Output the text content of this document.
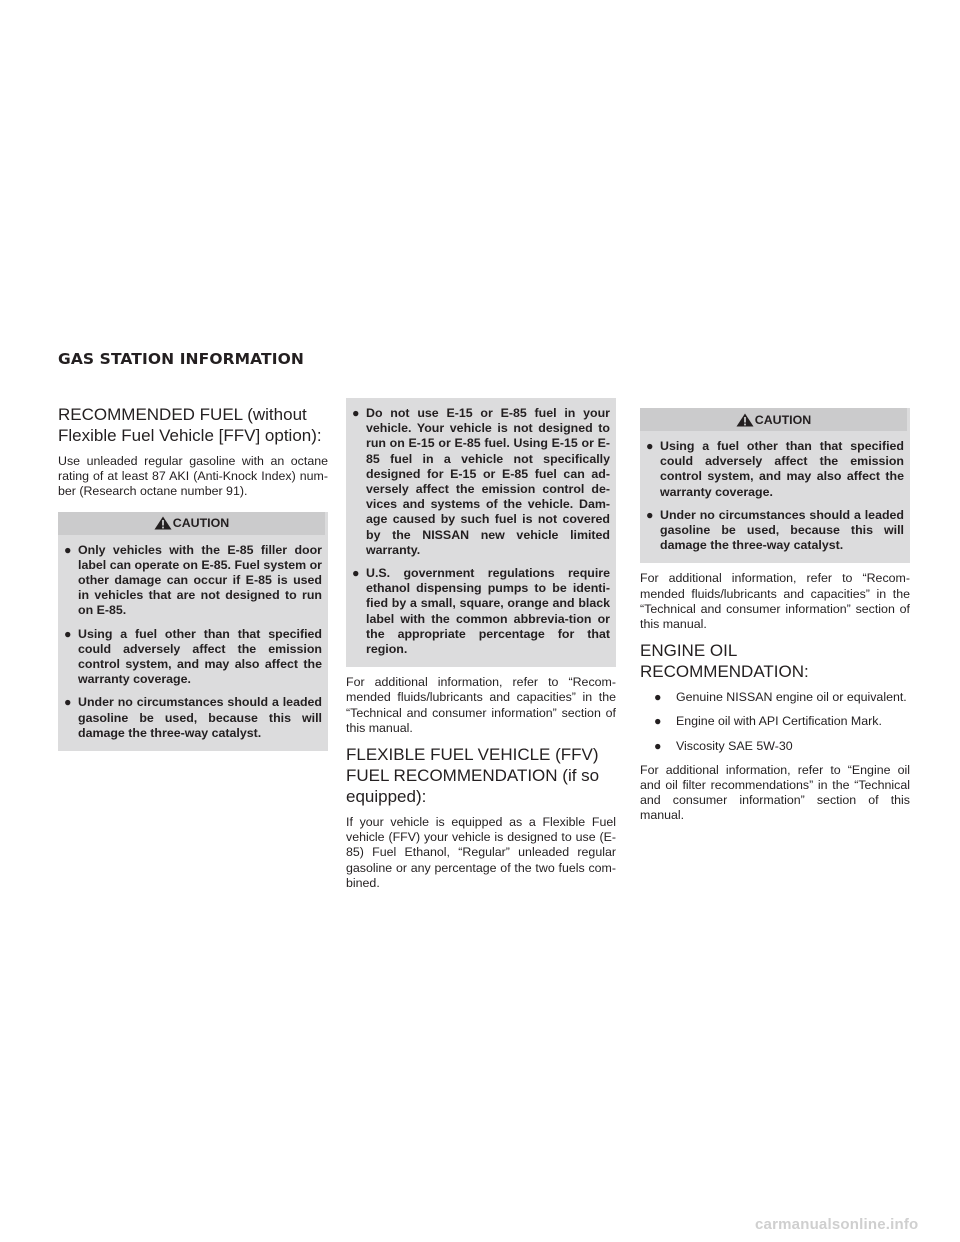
GAS STATION INFORMATION
RECOMMENDED FUEL (without Flexible Fuel Vehicle [FFV] option):

Use unleaded regular gasoline with an octane rating of at least 87 AKI (Anti-Knock Index) num-ber (Research octane number 91).

CAUTION
● Only vehicles with the E-85 filler door label can operate on E-85. Fuel system or other damage can occur if E-85 is used in vehicles that are not designed to run on E-85.
● Using a fuel other than that specified could adversely affect the emission control system, and may also affect the warranty coverage.
● Under no circumstances should a leaded gasoline be used, because this will damage the three-way catalyst.
● Do not use E-15 or E-85 fuel in your vehicle. Your vehicle is not designed to run on E-15 or E-85 fuel. Using E-15 or E-85 fuel in a vehicle not specifically designed for E-15 or E-85 fuel can ad-versely affect the emission control de-vices and systems of the vehicle. Dam-age caused by such fuel is not covered by the NISSAN new vehicle limited warranty.
● U.S. government regulations require ethanol dispensing pumps to be identi-fied by a small, square, orange and black label with the common abbrevia-tion or the appropriate percentage for that region.

For additional information, refer to “Recom-mended fluids/lubricants and capacities” in the “Technical and consumer information” section of this manual.

FLEXIBLE FUEL VEHICLE (FFV) FUEL RECOMMENDATION (if so equipped):

If your vehicle is equipped as a Flexible Fuel vehicle (FFV) your vehicle is designed to use (E-85) Fuel Ethanol, “Regular” unleaded regular gasoline or any percentage of the two fuels com-bined.

CAUTION
● Using a fuel other than that specified could adversely affect the emission control system, and may also affect the warranty coverage.
● Under no circumstances should a leaded gasoline be used, because this will damage the three-way catalyst.

For additional information, refer to “Recom-mended fluids/lubricants and capacities” in the “Technical and consumer information” section of this manual.

ENGINE OIL RECOMMENDATION:
● Genuine NISSAN engine oil or equivalent.
● Engine oil with API Certification Mark.
● Viscosity SAE 5W-30

For additional information, refer to “Engine oil and oil filter recommendations” in the “Technical and consumer information” section of this manual.

carmanualsonline.info
